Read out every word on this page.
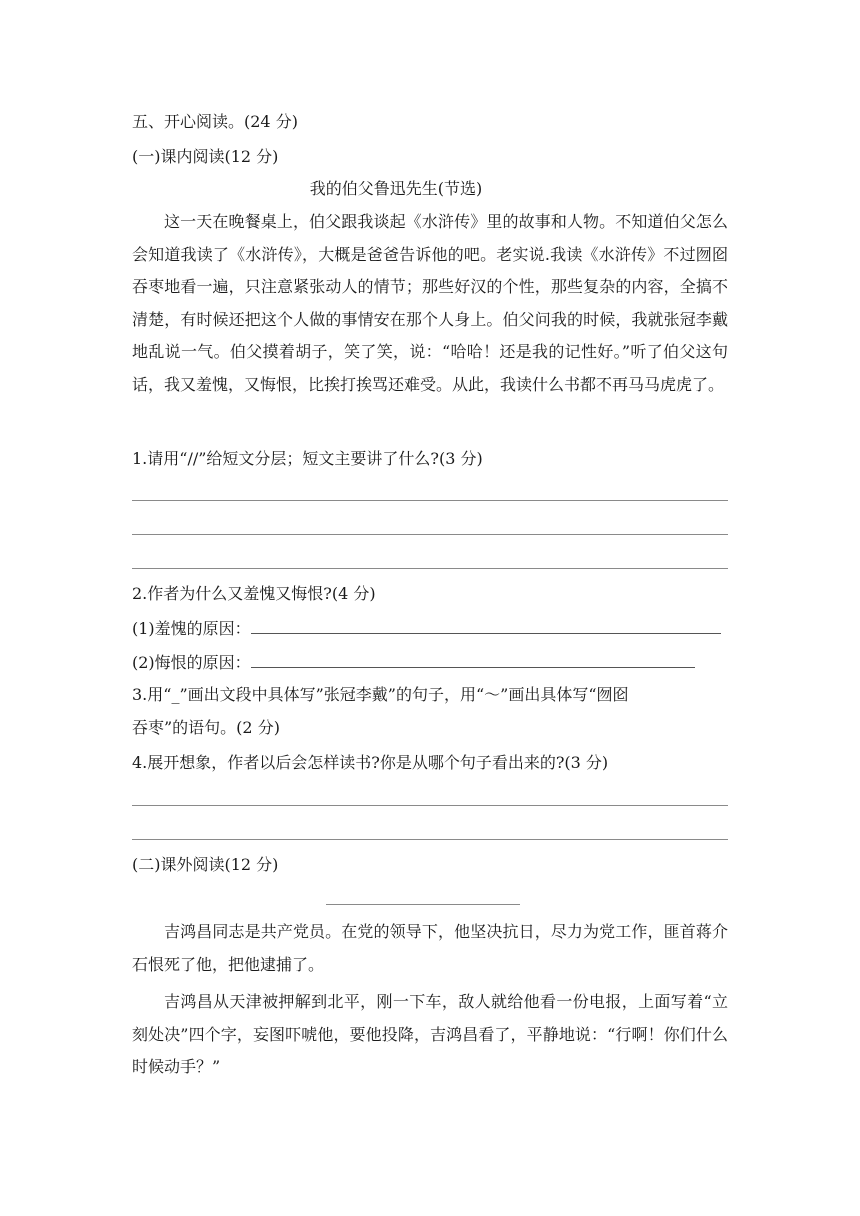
五、开心阅读。(24 分)
(一)课内阅读(12 分)
我的伯父鲁迅先生(节选)
这一天在晚餐桌上，伯父跟我谈起《水浒传》里的故事和人物。不知道伯父怎么会知道我读了《水浒传》，大概是爸爸告诉他的吧。老实说.我读《水浒传》不过囫囵吞枣地看一遍，只注意紧张动人的情节；那些好汉的个性，那些复杂的内容，全搞不清楚，有时候还把这个人做的事情安在那个人身上。伯父问我的时候，我就张冠李戴地乱说一气。伯父摸着胡子，笑了笑，说：“哈哈！还是我的记性好。”听了伯父这句话，我又羞愧，又悔恨，比挨打挨骂还难受。从此，我读什么书都不再马马虎虎了。
1.请用“//”给短文分层；短文主要讲了什么?(3 分)
2.作者为什么又羞愧又悔恨?(4 分)
(1)羞愧的原因：
(2)悔恨的原因：
3.用“_”画出文段中具体写”张冠李戴”的句子，用“～”画出具体写“囫囵
吞枣”的语句。(2 分)
4.展开想象，作者以后会怎样读书?你是从哪个句子看出来的?(3 分)
(二)课外阅读(12 分)
吉鸿昌同志是共产党员。在党的领导下，他坚决抗日，尽力为党工作，匪首蒋介石恨死了他，把他逮捕了。
吉鸿昌从天津被押解到北平，刚一下车，敌人就给他看一份电报，上面写着“立刻处决”四个字，妄图吓唬他，要他投降，吉鸿昌看了，平静地说：“行啊！你们什么时候动手？”
